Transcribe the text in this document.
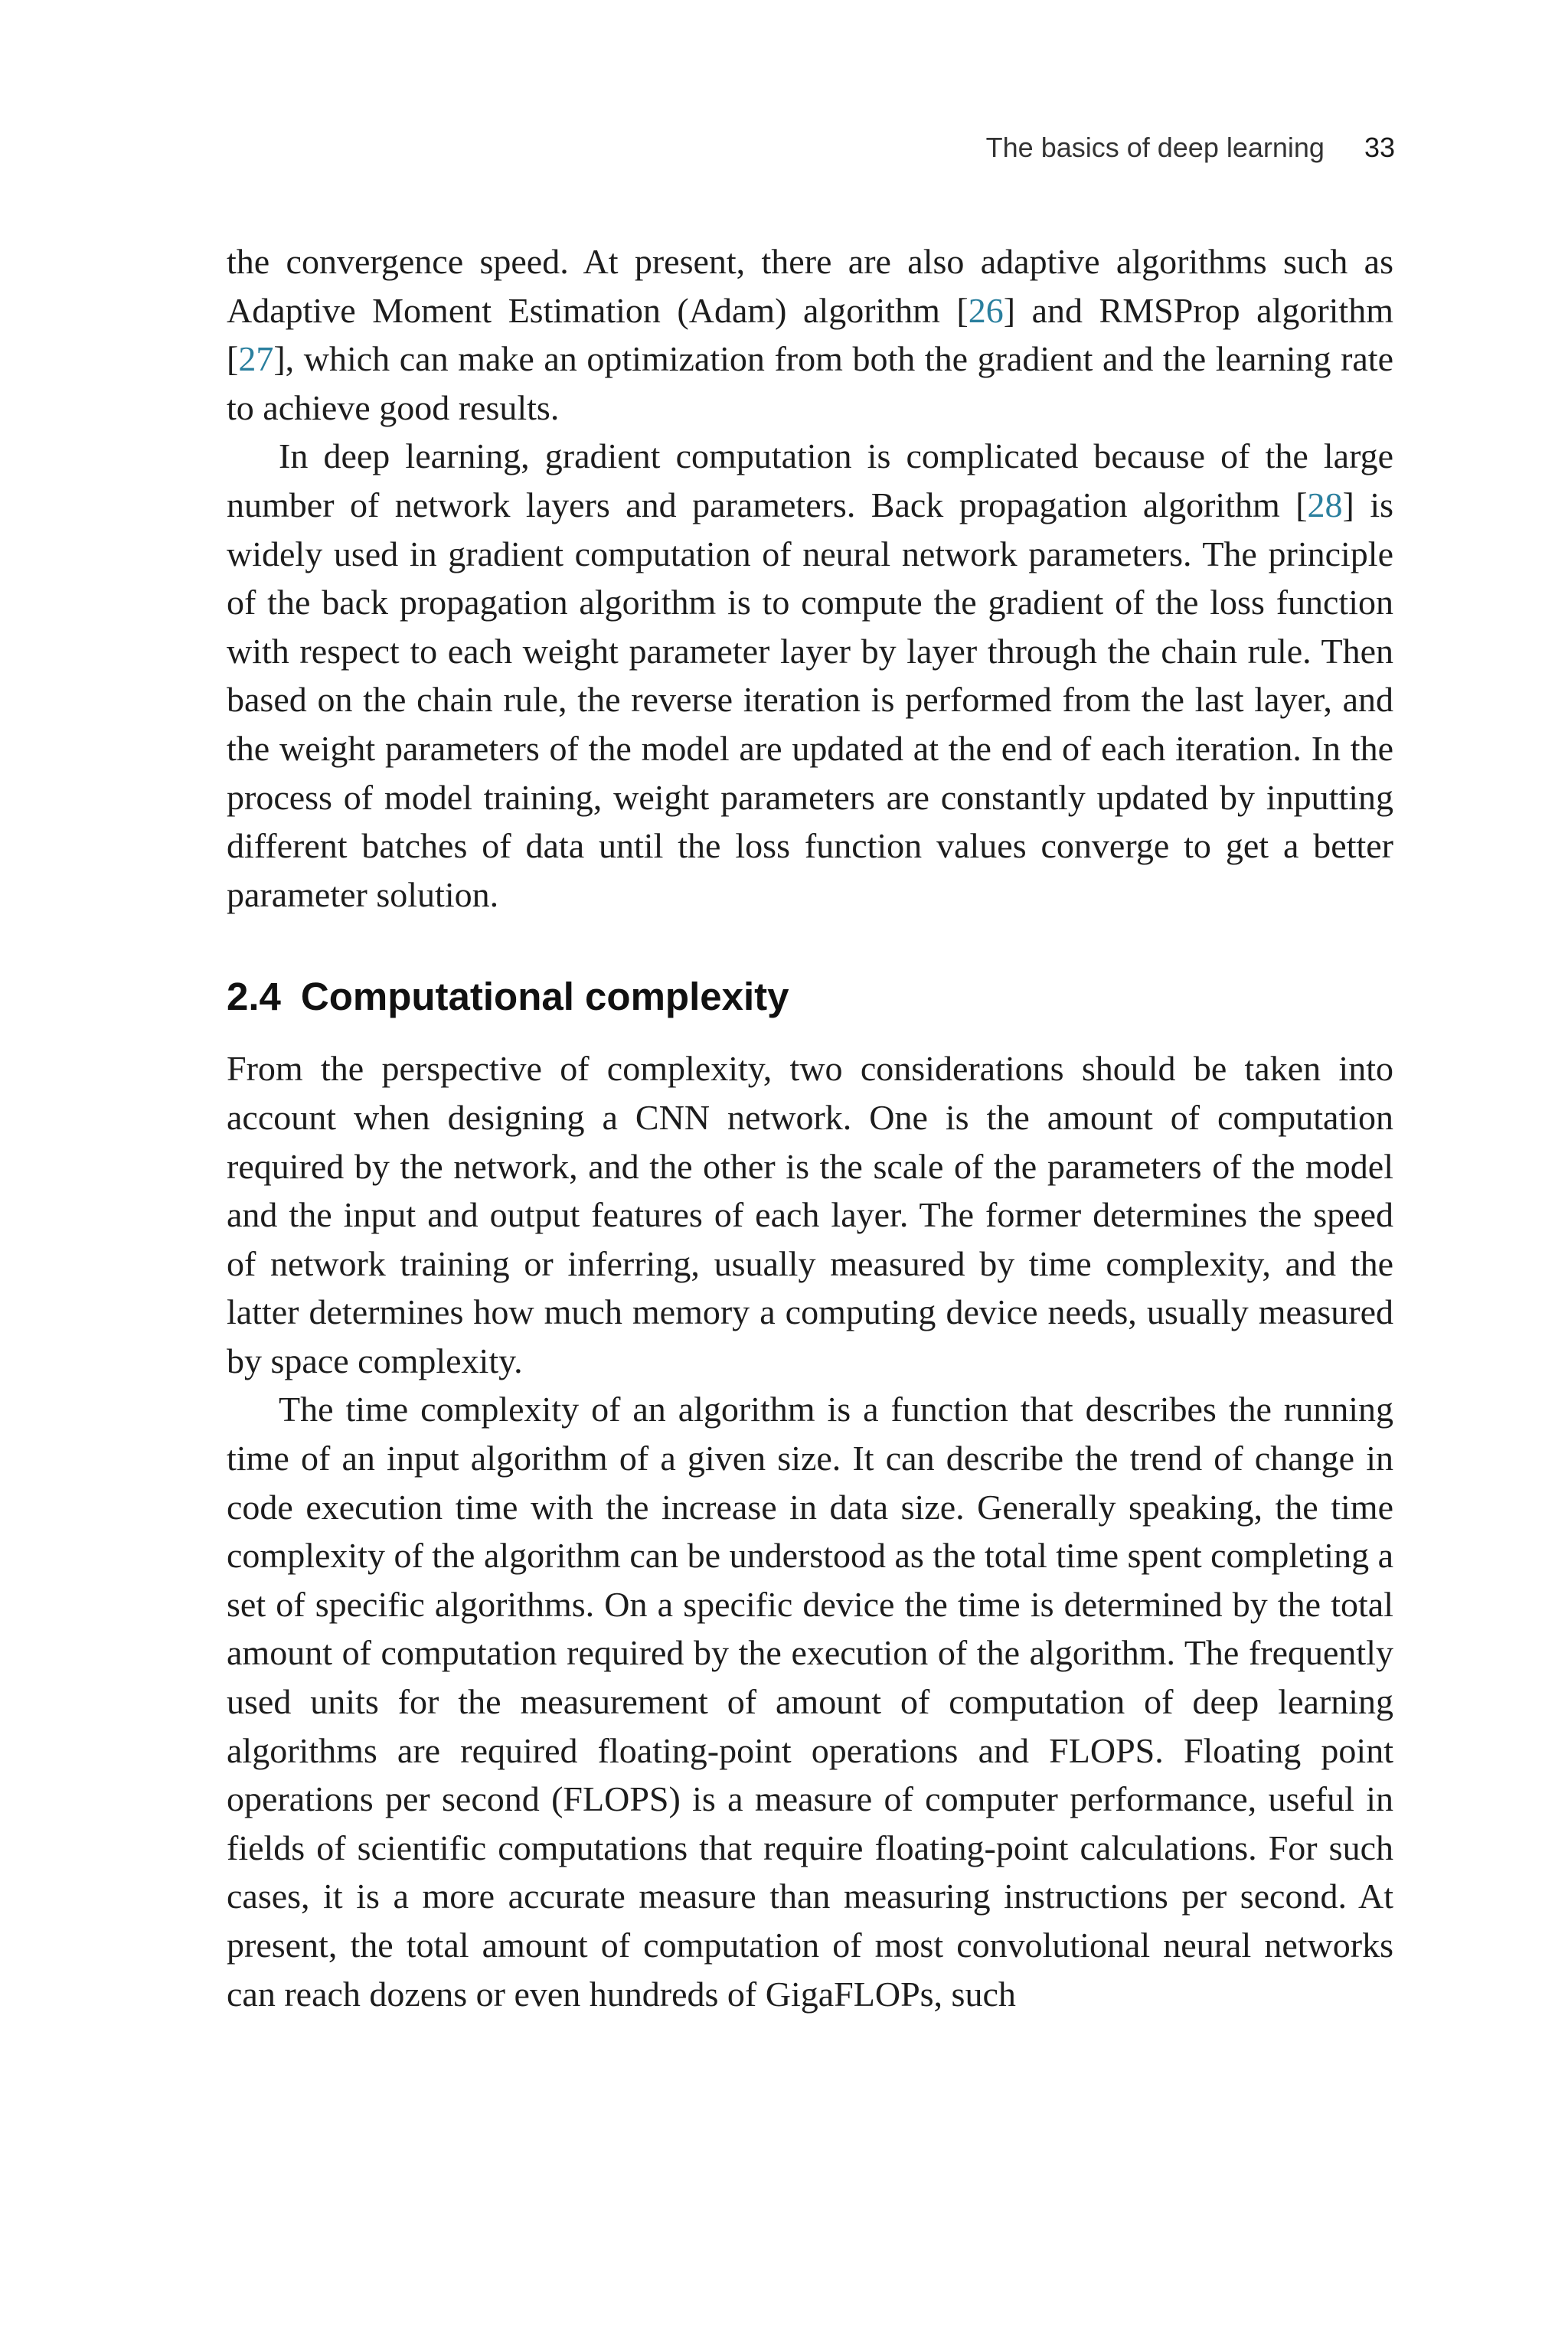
The basics of deep learning 33

the convergence speed. At present, there are also adaptive algorithms such as Adaptive Moment Estimation (Adam) algorithm [26] and RMSProp algorithm [27], which can make an optimization from both the gradient and the learning rate to achieve good results.

In deep learning, gradient computation is complicated because of the large number of network layers and parameters. Back propagation algorithm [28] is widely used in gradient computation of neural network parameters. The principle of the back propagation algorithm is to compute the gradient of the loss function with respect to each weight parameter layer by layer through the chain rule. Then based on the chain rule, the reverse iteration is performed from the last layer, and the weight parameters of the model are updated at the end of each iteration. In the process of model training, weight parameters are constantly updated by inputting different batches of data until the loss function values converge to get a better parameter solution.

2.4 Computational complexity

From the perspective of complexity, two considerations should be taken into account when designing a CNN network. One is the amount of computation required by the network, and the other is the scale of the parameters of the model and the input and output features of each layer. The former determines the speed of network training or inferring, usually measured by time complexity, and the latter determines how much memory a computing device needs, usually measured by space complexity.

The time complexity of an algorithm is a function that describes the running time of an input algorithm of a given size. It can describe the trend of change in code execution time with the increase in data size. Generally speaking, the time complexity of the algorithm can be understood as the total time spent completing a set of specific algorithms. On a specific device the time is determined by the total amount of computation required by the execution of the algorithm. The frequently used units for the measurement of amount of computation of deep learning algorithms are required floating-point operations and FLOPS. Floating point operations per second (FLOPS) is a measure of computer performance, useful in fields of scientific computations that require floating-point calculations. For such cases, it is a more accurate measure than measuring instructions per second. At present, the total amount of computation of most convolutional neural networks can reach dozens or even hundreds of GigaFLOPs, such
